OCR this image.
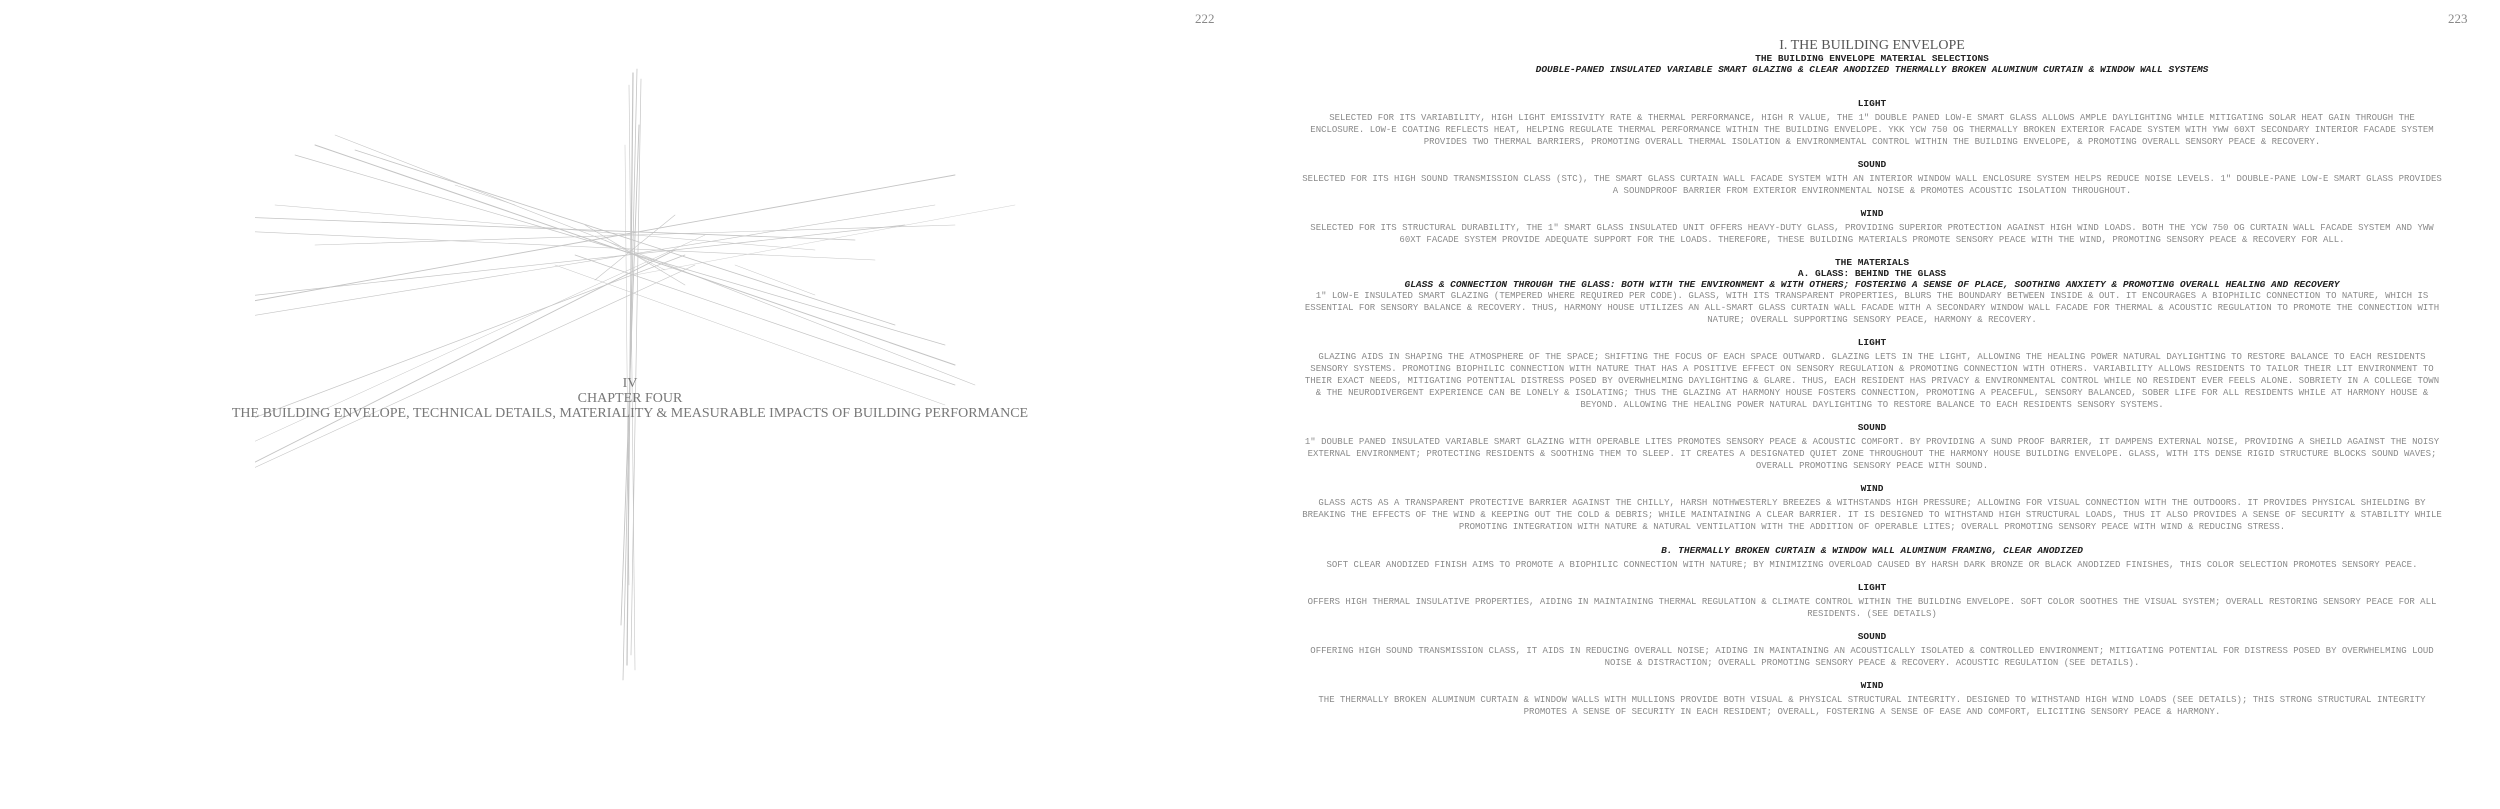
222
IV
CHAPTER FOUR
THE BUILDING ENVELOPE, TECHNICAL DETAILS, MATERIALITY & MEASURABLE IMPACTS OF BUILDING PERFORMANCE
223
I. THE BUILDING ENVELOPE
THE BUILDING ENVELOPE MATERIAL SELECTIONS
DOUBLE-PANED INSULATED VARIABLE SMART GLAZING & CLEAR ANODIZED THERMALLY BROKEN ALUMINUM CURTAIN & WINDOW WALL SYSTEMS
LIGHT
SELECTED FOR ITS VARIABILITY, HIGH LIGHT EMISSIVITY RATE & THERMAL PERFORMANCE, HIGH R VALUE, THE 1" DOUBLE PANED LOW-E SMART GLASS ALLOWS AMPLE DAYLIGHTING WHILE MITIGATING SOLAR HEAT GAIN THROUGH THE ENCLOSURE. LOW-E COATING REFLECTS HEAT, HELPING REGULATE THERMAL PERFORMANCE WITHIN THE BUILDING ENVELOPE. YKK YCW 750 OG THERMALLY BROKEN EXTERIOR FACADE SYSTEM WITH YWW 60XT SECONDARY INTERIOR FACADE SYSTEM PROVIDES TWO THERMAL BARRIERS, PROMOTING OVERALL THERMAL ISOLATION & ENVIRONMENTAL CONTROL WITHIN THE BUILDING ENVELOPE, & PROMOTING OVERALL SENSORY PEACE & RECOVERY.
SOUND
SELECTED FOR ITS HIGH SOUND TRANSMISSION CLASS (STC), THE SMART GLASS CURTAIN WALL FACADE SYSTEM WITH AN INTERIOR WINDOW WALL ENCLOSURE SYSTEM HELPS REDUCE NOISE LEVELS. 1" DOUBLE-PANE LOW-E SMART GLASS PROVIDES A SOUNDPROOF BARRIER FROM EXTERIOR ENVIRONMENTAL NOISE & PROMOTES ACOUSTIC ISOLATION THROUGHOUT.
WIND
SELECTED FOR ITS STRUCTURAL DURABILITY, THE 1" SMART GLASS INSULATED UNIT OFFERS HEAVY-DUTY GLASS, PROVIDING SUPERIOR PROTECTION AGAINST HIGH WIND LOADS. BOTH THE YCW 750 OG CURTAIN WALL FACADE SYSTEM AND YWW 60XT FACADE SYSTEM PROVIDE ADEQUATE SUPPORT FOR THE LOADS. THEREFORE, THESE BUILDING MATERIALS PROMOTE SENSORY PEACE WITH THE WIND, PROMOTING SENSORY PEACE & RECOVERY FOR ALL.
THE MATERIALS
A. GLASS: BEHIND THE GLASS
GLASS & CONNECTION THROUGH THE GLASS: BOTH WITH THE ENVIRONMENT & WITH OTHERS; FOSTERING A SENSE OF PLACE, SOOTHING ANXIETY & PROMOTING OVERALL HEALING AND RECOVERY
1" LOW-E INSULATED SMART GLAZING (TEMPERED WHERE REQUIRED PER CODE). GLASS, WITH ITS TRANSPARENT PROPERTIES, BLURS THE BOUNDARY BETWEEN INSIDE & OUT. IT ENCOURAGES A BIOPHILIC CONNECTION TO NATURE, WHICH IS ESSENTIAL FOR SENSORY BALANCE & RECOVERY. THUS, HARMONY HOUSE UTILIZES AN ALL-SMART GLASS CURTAIN WALL FACADE WITH A SECONDARY WINDOW WALL FACADE FOR THERMAL & ACOUSTIC REGULATION TO PROMOTE THE CONNECTION WITH NATURE; OVERALL SUPPORTING SENSORY PEACE, HARMONY & RECOVERY.
LIGHT
GLAZING AIDS IN SHAPING THE ATMOSPHERE OF THE SPACE; SHIFTING THE FOCUS OF EACH SPACE OUTWARD. GLAZING LETS IN THE LIGHT, ALLOWING THE HEALING POWER NATURAL DAYLIGHTING TO RESTORE BALANCE TO EACH RESIDENTS SENSORY SYSTEMS. PROMOTING BIOPHILIC CONNECTION WITH NATURE THAT HAS A POSITIVE EFFECT ON SENSORY REGULATION & PROMOTING CONNECTION WITH OTHERS. VARIABILITY ALLOWS RESIDENTS TO TAILOR THEIR LIT ENVIRONMENT TO THEIR EXACT NEEDS, MITIGATING POTENTIAL DISTRESS POSED BY OVERWHELMING DAYLIGHTING & GLARE. THUS, EACH RESIDENT HAS PRIVACY & ENVIRONMENTAL CONTROL WHILE NO RESIDENT EVER FEELS ALONE. SOBRIETY IN A COLLEGE TOWN & THE NEURODIVERGENT EXPERIENCE CAN BE LONELY & ISOLATING; THUS THE GLAZING AT HARMONY HOUSE FOSTERS CONNECTION, PROMOTING A PEACEFUL, SENSORY BALANCED, SOBER LIFE FOR ALL RESIDENTS WHILE AT HARMONY HOUSE & BEYOND. ALLOWING THE HEALING POWER NATURAL DAYLIGHTING TO RESTORE BALANCE TO EACH RESIDENTS SENSORY SYSTEMS.
SOUND
1" DOUBLE PANED INSULATED VARIABLE SMART GLAZING WITH OPERABLE LITES PROMOTES SENSORY PEACE & ACOUSTIC COMFORT. BY PROVIDING A SUND PROOF BARRIER, IT DAMPENS EXTERNAL NOISE, PROVIDING A SHEILD AGAINST THE NOISY EXTERNAL ENVIRONMENT; PROTECTING RESIDENTS & SOOTHING THEM TO SLEEP. IT CREATES A DESIGNATED QUIET ZONE THROUGHOUT THE HARMONY HOUSE BUILDING ENVELOPE. GLASS, WITH ITS DENSE RIGID STRUCTURE BLOCKS SOUND WAVES; OVERALL PROMOTING SENSORY PEACE WITH SOUND.
WIND
GLASS ACTS AS A TRANSPARENT PROTECTIVE BARRIER AGAINST THE CHILLY, HARSH NOTHWESTERLY BREEZES & WITHSTANDS HIGH PRESSURE; ALLOWING FOR VISUAL CONNECTION WITH THE OUTDOORS. IT PROVIDES PHYSICAL SHIELDING BY BREAKING THE EFFECTS OF THE WIND & KEEPING OUT THE COLD & DEBRIS; WHILE MAINTAINING A CLEAR BARRIER. IT IS DESIGNED TO WITHSTAND HIGH STRUCTURAL LOADS, THUS IT ALSO PROVIDES A SENSE OF SECURITY & STABILITY WHILE PROMOTING INTEGRATION WITH NATURE & NATURAL VENTILATION WITH THE ADDITION OF OPERABLE LITES; OVERALL PROMOTING SENSORY PEACE WITH WIND & REDUCING STRESS.
B. THERMALLY BROKEN CURTAIN & WINDOW WALL ALUMINUM FRAMING, CLEAR ANODIZED
SOFT CLEAR ANODIZED FINISH AIMS TO PROMOTE A BIOPHILIC CONNECTION WITH NATURE; BY MINIMIZING OVERLOAD CAUSED BY HARSH DARK BRONZE OR BLACK ANODIZED FINISHES, THIS COLOR SELECTION PROMOTES SENSORY PEACE.
LIGHT
OFFERS HIGH THERMAL INSULATIVE PROPERTIES, AIDING IN MAINTAINING THERMAL REGULATION & CLIMATE CONTROL WITHIN THE BUILDING ENVELOPE. SOFT COLOR SOOTHES THE VISUAL SYSTEM; OVERALL RESTORING SENSORY PEACE FOR ALL RESIDENTS. (SEE DETAILS)
SOUND
OFFERING HIGH SOUND TRANSMISSION CLASS, IT AIDS IN REDUCING OVERALL NOISE; AIDING IN MAINTAINING AN ACOUSTICALLY ISOLATED & CONTROLLED ENVIRONMENT; MITIGATING POTENTIAL FOR DISTRESS POSED BY OVERWHELMING LOUD NOISE & DISTRACTION; OVERALL PROMOTING SENSORY PEACE & RECOVERY. ACOUSTIC REGULATION (SEE DETAILS).
WIND
THE THERMALLY BROKEN ALUMINUM CURTAIN & WINDOW WALLS WITH MULLIONS PROVIDE BOTH VISUAL & PHYSICAL STRUCTURAL INTEGRITY. DESIGNED TO WITHSTAND HIGH WIND LOADS (SEE DETAILS); THIS STRONG STRUCTURAL INTEGRITY PROMOTES A SENSE OF SECURITY IN EACH RESIDENT; OVERALL, FOSTERING A SENSE OF EASE AND COMFORT, ELICITING SENSORY PEACE & HARMONY.
